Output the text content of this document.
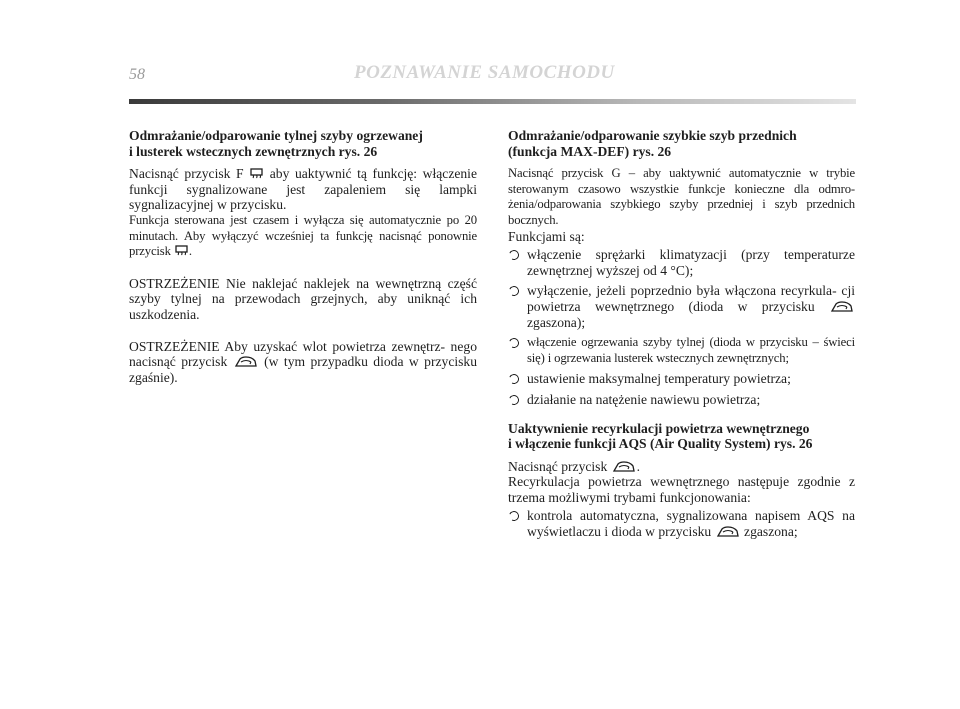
58	POZNAWANIE SAMOCHODU
Odmrażanie/odparowanie tylnej szyby ogrzewanej
i lusterek wstecznych zewnętrznych rys. 26

Nacisnąć przycisk F aby uaktywnić tą funkcję: włączenie funkcji sygnalizowane jest zapaleniem się lampki sygnalizacyjnej w przycisku.

Funkcja sterowana jest czasem i wyłącza się automatycznie po 20 minutach. Aby wyłączyć wcześniej ta funkcję nacisnąć ponownie przycisk .

OSTRZEŻENIE Nie naklejać naklejek na wewnętrzną część szyby tylnej na przewodach grzejnych, aby uniknąć ich uszkodzenia.

OSTRZEŻENIE Aby uzyskać wlot powietrza zewnętrz- nego nacisnąć przycisk	(w tym przypadku dioda w przycisku zgaśnie).

Odmrażanie/odparowanie szybkie szyb przednich
(funkcja MAX-DEF) rys. 26

Nacisnąć przycisk G – aby uaktywnić automatycznie w trybie sterowanym czasowo wszystkie funkcje konieczne dla odmro- żenia/odparowania szybkiego szyby przedniej i szyb przednich bocznych.

Funkcjami są:

włączenie sprężarki klimatyzacji (przy temperaturze zewnętrznej wyższej od 4 °C);
wyłączenie, jeżeli poprzednio była włączona recyrkula- cji powietrza wewnętrznego (dioda w przycisku  zgaszona);
włączenie ogrzewania szyby tylnej (dioda w przycisku – świeci się) i ogrzewania lusterek wstecznych zewnętrznych;
ustawienie maksymalnej temperatury powietrza;
działanie na natężenie nawiewu powietrza;
Uaktywnienie recyrkulacji powietrza wewnętrznego
i włączenie funkcji AQS (Air Quality System) rys. 26

Nacisnąć przycisk .

Recyrkulacja powietrza wewnętrznego następuje zgodnie z trzema możliwymi trybami funkcjonowania:

kontrola automatyczna, sygnalizowana napisem AQS na wyświetlaczu i dioda w przycisku zgaszona;
